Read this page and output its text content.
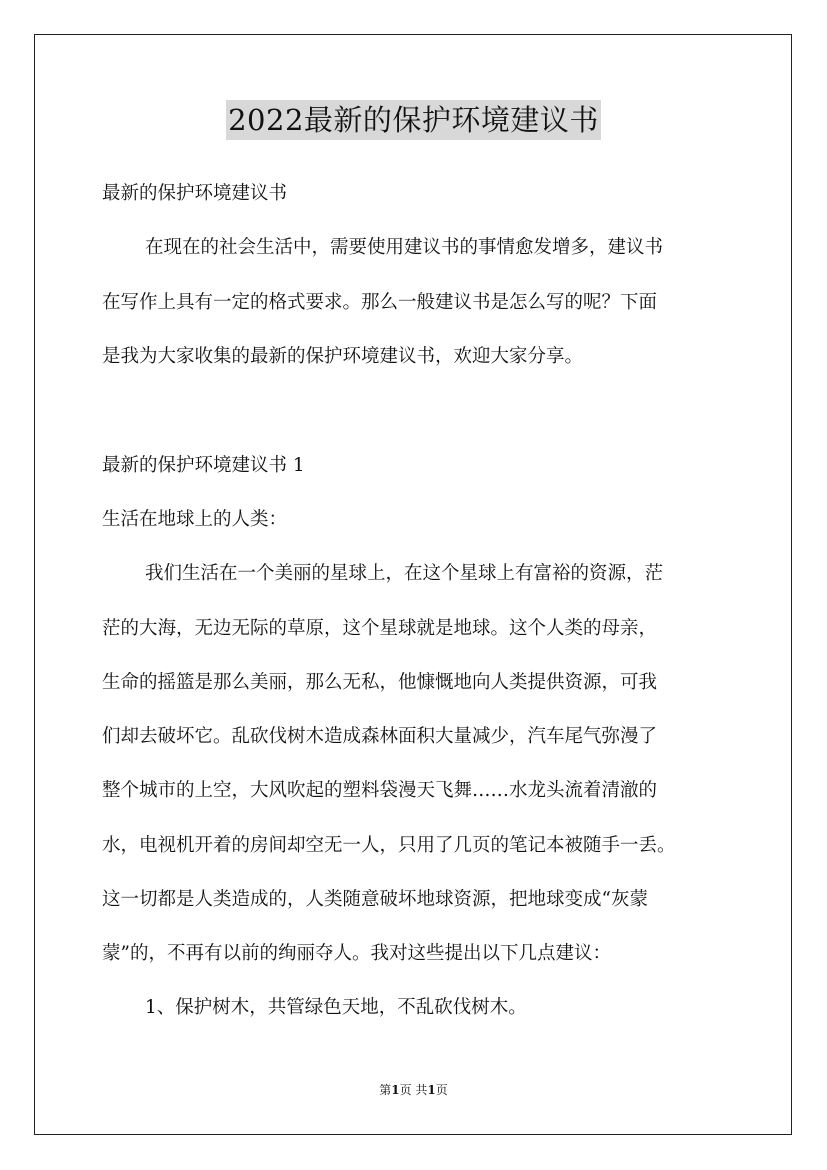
2022最新的保护环境建议书
最新的保护环境建议书
在现在的社会生活中，需要使用建议书的事情愈发增多，建议书
在写作上具有一定的格式要求。那么一般建议书是怎么写的呢？下面
是我为大家收集的最新的保护环境建议书，欢迎大家分享。
最新的保护环境建议书 1
生活在地球上的人类：
我们生活在一个美丽的星球上，在这个星球上有富裕的资源，茫
茫的大海，无边无际的草原，这个星球就是地球。这个人类的母亲，
生命的摇篮是那么美丽，那么无私，他慷慨地向人类提供资源，可我
们却去破坏它。乱砍伐树木造成森林面积大量减少，汽车尾气弥漫了
整个城市的上空，大风吹起的塑料袋漫天飞舞……水龙头流着清澈的
水，电视机开着的房间却空无一人，只用了几页的笔记本被随手一丢。
这一切都是人类造成的，人类随意破坏地球资源，把地球变成“灰蒙
蒙”的，不再有以前的绚丽夺人。我对这些提出以下几点建议：
1、保护树木，共管绿色天地，不乱砍伐树木。
第1页 共1页
